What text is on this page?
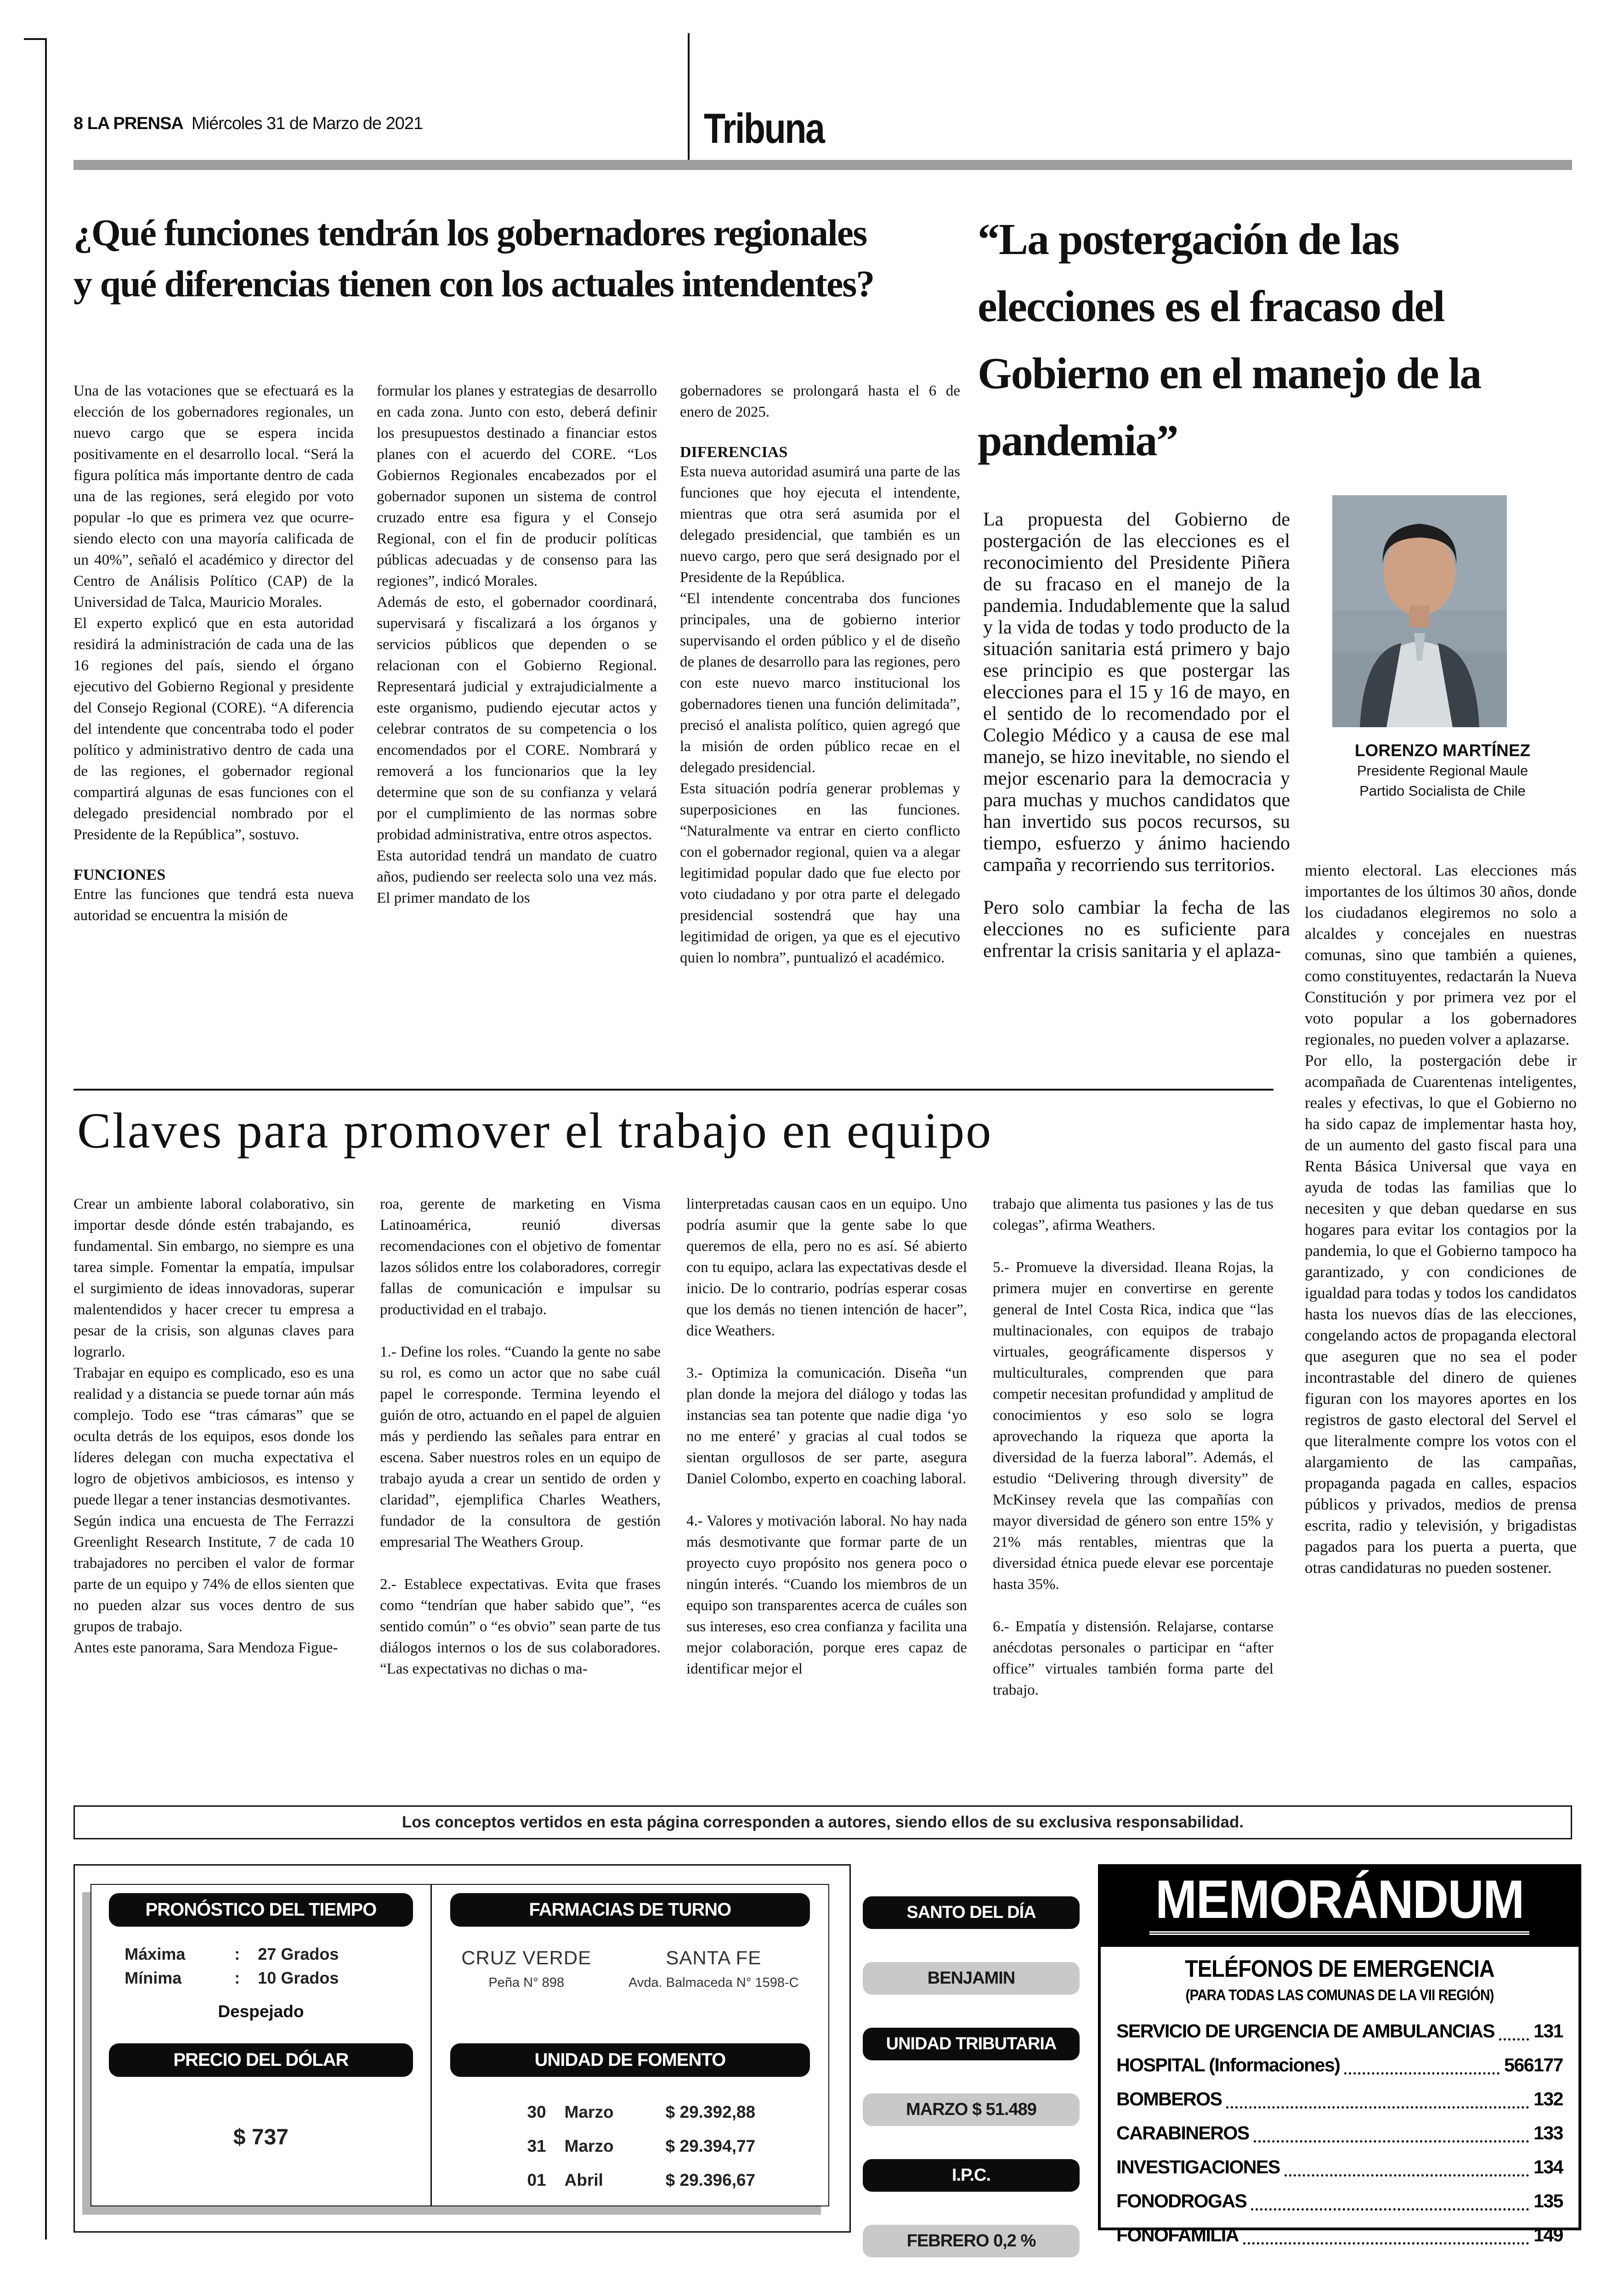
8 LA PRENSA Miércoles 31 de Marzo de 2021	Tribuna
¿Qué funciones tendrán los gobernadores regionales
y qué diferencias tienen con los actuales intendentes?

Una de las votaciones que se efectuará es la elección de los gobernadores regionales, un nuevo cargo que se espera incida positivamente en el desarrollo local. “Será la figura política más importante dentro de cada una de las regiones, será elegido por voto popular -lo que es primera vez que ocurre- siendo electo con una mayoría calificada de un 40%”, señaló el académico y director del Centro de Análisis Político (CAP) de la Universidad de Talca, Mauricio Morales.

El experto explicó que en esta autoridad residirá la administración de cada una de las 16 regiones del país, siendo el órgano ejecutivo del Gobierno Regional y presidente del Consejo Regional (CORE). “A diferencia del intendente que concentraba todo el poder político y administrativo dentro de cada una de las regiones, el gobernador regional compartirá algunas de esas funciones con el delegado presidencial nombrado por el Presidente de la República”, sostuvo.

FUNCIONES

Entre las funciones que tendrá esta nueva autoridad se encuentra la misión de

formular los planes y estrategias de desarrollo en cada zona. Junto con esto, deberá definir los presupuestos destinado a financiar estos planes con el acuerdo del CORE. “Los Gobiernos Regionales encabezados por el gobernador suponen un sistema de control cruzado entre esa figura y el Consejo Regional, con el fin de producir políticas públicas adecuadas y de consenso para las regiones”, indicó Morales.

Además de esto, el gobernador coordinará, supervisará y fiscalizará a los órganos y servicios públicos que dependen o se relacionan con el Gobierno Regional. Representará judicial y extrajudicialmente a este organismo, pudiendo ejecutar actos y celebrar contratos de su competencia o los encomendados por el CORE. Nombrará y removerá a los funcionarios que la ley determine que son de su confianza y velará por el cumplimiento de las normas sobre probidad administrativa, entre otros aspectos.

Esta autoridad tendrá un mandato de cuatro años, pudiendo ser reelecta solo una vez más. El primer mandato de los

gobernadores se prolongará hasta el 6 de enero de 2025.

DIFERENCIAS

Esta nueva autoridad asumirá una parte de las funciones que hoy ejecuta el intendente, mientras que otra será asumida por el delegado presidencial, que también es un nuevo cargo, pero que será designado por el Presidente de la República.

“El intendente concentraba dos funciones principales, una de gobierno interior supervisando el orden público y el de diseño de planes de desarrollo para las regiones, pero con este nuevo marco institucional los gobernadores tienen una función delimitada”, precisó el analista político, quien agregó que la misión de orden público recae en el delegado presidencial.

Esta situación podría generar problemas y superposiciones en las funciones. “Naturalmente va entrar en cierto conflicto con el gobernador regional, quien va a alegar legitimidad popular dado que fue electo por voto ciudadano y por otra parte el delegado presidencial sostendrá que hay una legitimidad de origen, ya que es el ejecutivo quien lo nombra”, puntualizó el académico.

“La postergación de las elecciones es el fracaso del Gobierno en el manejo de la pandemia”

La propuesta del Gobierno de postergación de las elecciones es el reconocimiento del Presidente Piñera de su fracaso en el manejo de la pandemia. Indudablemente que la salud y la vida de todas y todo producto de la situación sanitaria está primero y bajo ese principio es que postergar las elecciones para el 15 y 16 de mayo, en el sentido de lo recomendado por el Colegio Médico y a causa de ese mal manejo, se hizo inevitable, no siendo el mejor escenario para la democracia y para muchas y muchos candidatos que han invertido sus pocos recursos, su tiempo, esfuerzo y ánimo haciendo campaña y recorriendo sus territorios.

Pero solo cambiar la fecha de las elecciones no es suficiente para enfrentar la crisis sanitaria y el aplaza-

LORENZO MARTÍNEZ
Presidente Regional Maule
Partido Socialista de Chile

miento electoral. Las elecciones más importantes de los últimos 30 años, donde los ciudadanos elegiremos no solo a alcaldes y concejales en nuestras comunas, sino que también a quienes, como constituyentes, redactarán la Nueva Constitución y por primera vez por el voto popular a los gobernadores regionales, no pueden volver a aplazarse.

Por ello, la postergación debe ir acompañada de Cuarentenas inteligentes, reales y efectivas, lo que el Gobierno no ha sido capaz de implementar hasta hoy, de un aumento del gasto fiscal para una Renta Básica Universal que vaya en ayuda de todas las familias que lo necesiten y que deban quedarse en sus hogares para evitar los contagios por la pandemia, lo que el Gobierno tampoco ha garantizado, y con condiciones de igualdad para todas y todos los candidatos hasta los nuevos días de las elecciones, congelando actos de propaganda electoral que aseguren que no sea el poder incontrastable del dinero de quienes figuran con los mayores aportes en los registros de gasto electoral del Servel el que literalmente compre los votos con el alargamiento de las campañas, propaganda pagada en calles, espacios públicos y privados, medios de prensa escrita, radio y televisión, y brigadistas pagados para los puerta a puerta, que otras candidaturas no pueden sostener.

Claves para promover el trabajo en equipo

Crear un ambiente laboral colaborativo, sin importar desde dónde estén trabajando, es fundamental. Sin embargo, no siempre es una tarea simple. Fomentar la empatía, impulsar el surgimiento de ideas innovadoras, superar malentendidos y hacer crecer tu empresa a pesar de la crisis, son algunas claves para lograrlo.

Trabajar en equipo es complicado, eso es una realidad y a distancia se puede tornar aún más complejo. Todo ese “tras cámaras” que se oculta detrás de los equipos, esos donde los líderes delegan con mucha expectativa el logro de objetivos ambiciosos, es intenso y puede llegar a tener instancias desmotivantes.

Según indica una encuesta de The Ferrazzi Greenlight Research Institute, 7 de cada 10 trabajadores no perciben el valor de formar parte de un equipo y 74% de ellos sienten que no pueden alzar sus voces dentro de sus grupos de trabajo.

Antes este panorama, Sara Mendoza Figue-

roa, gerente de marketing en Visma Latinoamérica, reunió diversas recomendaciones con el objetivo de fomentar lazos sólidos entre los colaboradores, corregir fallas de comunicación e impulsar su productividad en el trabajo.

1.- Define los roles. “Cuando la gente no sabe su rol, es como un actor que no sabe cuál papel le corresponde. Termina leyendo el guión de otro, actuando en el papel de alguien más y perdiendo las señales para entrar en escena. Saber nuestros roles en un equipo de trabajo ayuda a crear un sentido de orden y claridad”, ejemplifica Charles Weathers, fundador de la consultora de gestión empresarial The Weathers Group.

2.- Establece expectativas. Evita que frases como “tendrían que haber sabido que”, “es sentido común” o “es obvio” sean parte de tus diálogos internos o los de sus colaboradores. “Las expectativas no dichas o ma-

linterpretadas causan caos en un equipo. Uno podría asumir que la gente sabe lo que queremos de ella, pero no es así. Sé abierto con tu equipo, aclara las expectativas desde el inicio. De lo contrario, podrías esperar cosas que los demás no tienen intención de hacer”, dice Weathers.

3.- Optimiza la comunicación. Diseña “un plan donde la mejora del diálogo y todas las instancias sea tan potente que nadie diga ‘yo no me enteré’ y gracias al cual todos se sientan orgullosos de ser parte, asegura Daniel Colombo, experto en coaching laboral.

4.- Valores y motivación laboral. No hay nada más desmotivante que formar parte de un proyecto cuyo propósito nos genera poco o ningún interés. “Cuando los miembros de un equipo son transparentes acerca de cuáles son sus intereses, eso crea confianza y facilita una mejor colaboración, porque eres capaz de identificar mejor el

trabajo que alimenta tus pasiones y las de tus colegas”, afirma Weathers.

5.- Promueve la diversidad. Ileana Rojas, la primera mujer en convertirse en gerente general de Intel Costa Rica, indica que “las multinacionales, con equipos de trabajo virtuales, geográficamente dispersos y multiculturales, comprenden que para competir necesitan profundidad y amplitud de conocimientos y eso solo se logra aprovechando la riqueza que aporta la diversidad de la fuerza laboral”. Además, el estudio “Delivering through diversity” de McKinsey revela que las compañías con mayor diversidad de género son entre 15% y 21% más rentables, mientras que la diversidad étnica puede elevar ese porcentaje hasta 35%.

6.- Empatía y distensión. Relajarse, contarse anécdotas personales o participar en “after office” virtuales también forma parte del trabajo.

Los conceptos vertidos en esta página corresponden a autores, siendo ellos de su exclusiva responsabilidad.
PRONÓSTICO DEL TIEMPO
Máxima	:	27 Grados
Mínima	:	10 Grados
Despejado
FARMACIAS DE TURNO
CRUZ VERDE
Peña N° 898
SANTA FE
Avda. Balmaceda N° 1598-C
PRECIO DEL DÓLAR
$ 737
UNIDAD DE FOMENTO
30 Marzo	$ 29.392,88
31 Marzo	$ 29.394,77
01 Abril	$ 29.396,67
SANTO DEL DÍA
BENJAMIN
UNIDAD TRIBUTARIA
MARZO $ 51.489
I.P.C.
FEBRERO 0,2 %
MEMORÁNDUM
TELÉFONOS DE EMERGENCIA
(PARA TODAS LAS COMUNAS DE LA VII REGIÓN)
SERVICIO DE URGENCIA DE AMBULANCIAS 131
HOSPITAL (Informaciones)	566177
BOMBEROS	132
CARABINEROS	133
INVESTIGACIONES	134
FONODROGAS	135
FONOFAMILIA	149
